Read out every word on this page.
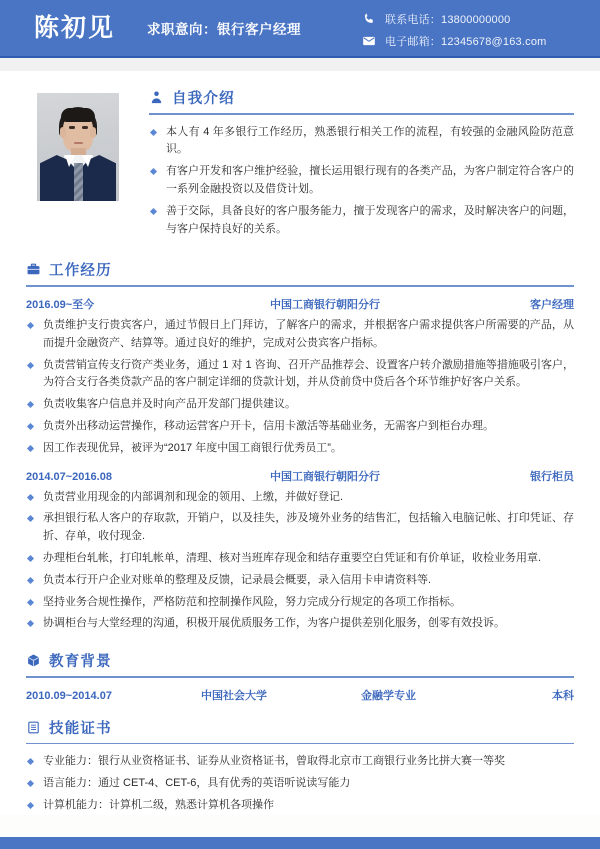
陈初见 求职意向：银行客户经理
联系电话：13800000000
电子邮箱：12345678@163.com
自我介绍
本人有 4 年多银行工作经历，熟悉银行相关工作的流程，有较强的金融风险防范意识。
有客户开发和客户维护经验，擅长运用银行现有的各类产品，为客户制定符合客户的一系列金融投资以及借贷计划。
善于交际，具备良好的客户服务能力，擅于发现客户的需求，及时解决客户的问题，与客户保持良好的关系。
工作经历
2016.09~至今	中国工商银行朝阳分行	客户经理
负责维护支行贵宾客户，通过节假日上门拜访，了解客户的需求，并根据客户需求提供客户所需要的产品，从而提升金融资产、结算等。通过良好的维护，完成对公贵宾客户指标。
负责营销宣传支行资产类业务，通过 1 对 1 咨询、召开产品推荐会、设置客户转介激励措施等措施吸引客户，为符合支行各类贷款产品的客户制定详细的贷款计划，并从贷前贷中贷后各个环节维护好客户关系。
负责收集客户信息并及时向产品开发部门提供建议。
负责外出移动运营操作，移动运营客户开卡，信用卡激活等基础业务，无需客户到柜台办理。
因工作表现优异，被评为“2017 年度中国工商银行优秀员工”。
2014.07~2016.08	中国工商银行朝阳分行	银行柜员
负责营业用现金的内部调剂和现金的领用、上缴，并做好登记.
承担银行私人客户的存取款，开销户，以及挂失，涉及境外业务的结售汇，包括输入电脑记帐、打印凭证、存折、存单，收付现金.
办理柜台轧帐，打印轧帐单，清理、核对当班库存现金和结存重要空白凭证和有价单证，收检业务用章.
负责本行开户企业对账单的整理及反馈，记录晨会概要，录入信用卡申请资料等.
坚持业务合规性操作，严格防范和控制操作风险，努力完成分行规定的各项工作指标。
协调柜台与大堂经理的沟通，积极开展优质服务工作，为客户提供差别化服务，创零有效投诉。
教育背景
2010.09~2014.07	中国社会大学	金融学专业	本科
技能证书
专业能力：银行从业资格证书、证券从业资格证书，曾取得北京市工商银行业务比拼大赛一等奖
语言能力：通过 CET-4、CET-6，具有优秀的英语听说读写能力
计算机能力：计算机二级，熟悉计算机各项操作
